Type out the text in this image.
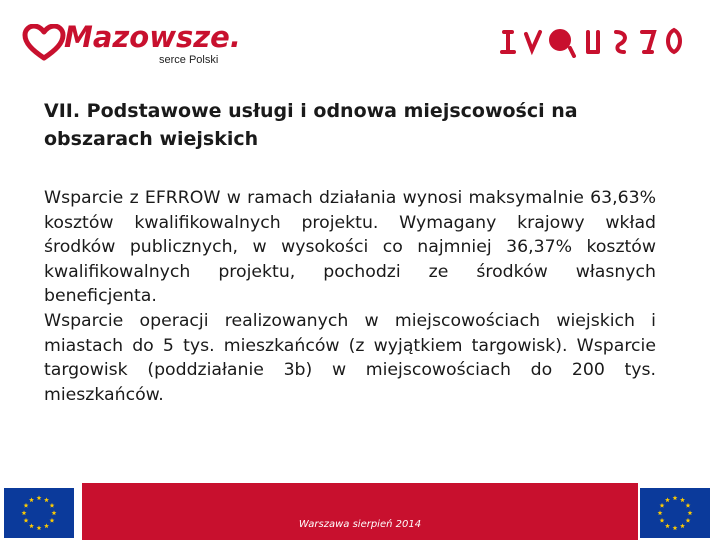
Mazowsze.
serce Polski
VII. Podstawowe usługi i odnowa miejscowości na obszarach wiejskich

Wsparcie z EFRROW w ramach działania wynosi maksymalnie 63,63% kosztów kwalifikowalnych projektu. Wymagany krajowy wkład środków publicznych, w wysokości co najmniej 36,37% kosztów kwalifikowalnych projektu, pochodzi ze środków własnych beneficjenta.

Wsparcie operacji realizowanych w miejscowościach wiejskich i miastach do 5 tys. mieszkańców (z wyjątkiem targowisk). Wsparcie targowisk (poddziałanie 3b) w miejscowościach do 200 tys. mieszkańców.

Warszawa sierpień 2014
